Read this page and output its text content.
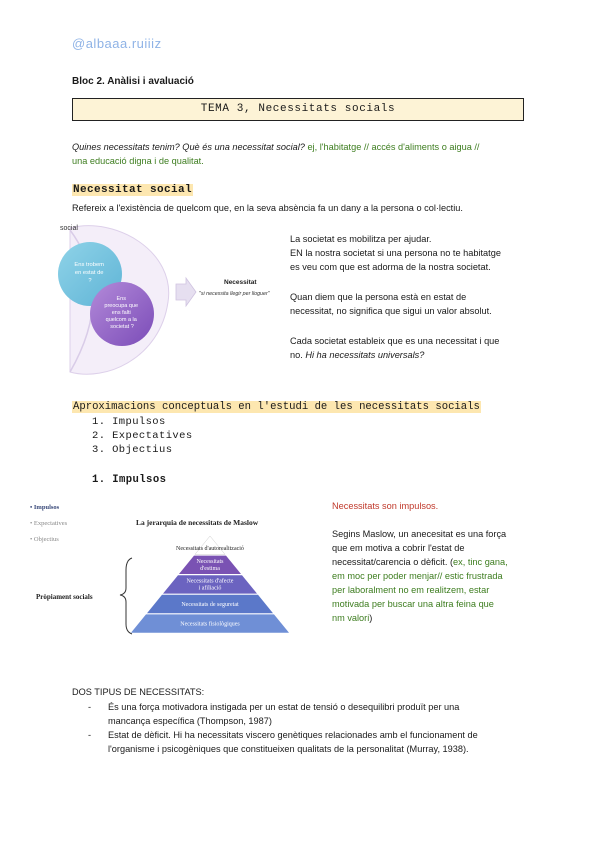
@albaaa.ruiiiz
Bloc 2. Anàlisi i avaluació
TEMA 3, Necessitats socials
Quines necessitats tenim? Què és una necessitat social? ej, l'habitatge // accés d'aliments o aigua //
una educació digna i de qualitat.
Necessitat social
Refereix a l'existència de quelcom que, en la seva absència fa un dany a la persona o col·lectiu.
social
Ens trobem en estat de ?
Ens preocupa que ens falti quelcom a la societat ?
Necessitat
"si necessita llegir per lloguer"
La societat es mobilitza per ajudar.
EN la nostra societat si una persona no te habitatge
es veu com que est adorma de la nostra societat.
Quan diem que la persona està en estat de
necessitat, no significa que sigui un valor absolut.
Cada societat estableix que es una necessitat i que
no. Hi ha necessitats universals?
Aproximacions conceptuals en l'estudi de les necessitats socials
1. Impulsos
2. Expectatives
3. Objectius
1. Impulsos
• Impulsos
• Expectatives
• Objectius
La jerarquia de necessitats de Maslow
Pròpiament socials
Necessitats d'autorealització
Necessitats d'estima
Necessitats d'afecte i afiliació
Necessitats de seguretat
Necessitats fisiològiques
Necessitats son impulsos.
Segins Maslow, un anecesitat es una força
que em motiva a cobrir l'estat de
necessitat/carencia o dèficit. (ex, tinc gana,
em moc per poder menjar// estic frustrada
per laboralment no em realitzem, estar
motivada per buscar una altra feina que
nm valori)
DOS TIPUS DE NECESSITATS:
- És una força motivadora instigada per un estat de tensió o desequilibri produït per una
mancança específica (Thompson, 1987)
- Estat de dèficit. Hi ha necessitats viscero genètiques relacionades amb el funcionament de
l'organisme i psicogèniques que constitueixen qualitats de la personalitat (Murray, 1938).
